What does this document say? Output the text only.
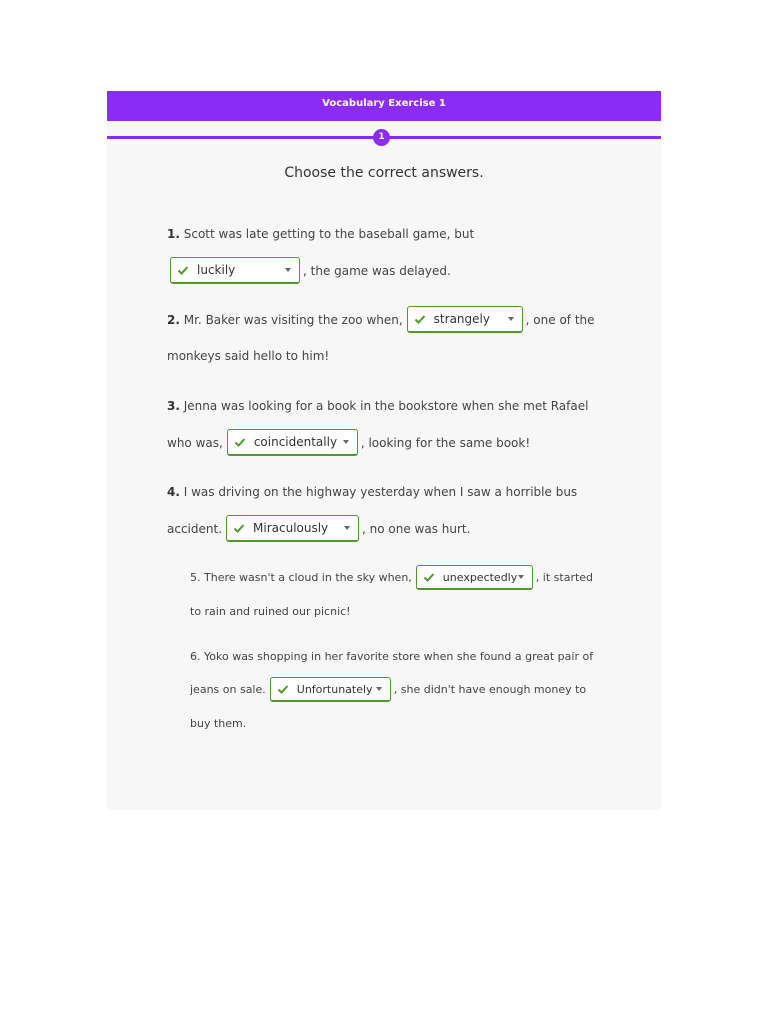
Vocabulary Exercise 1
1
Choose the correct answers.
1. Scott was late getting to the baseball game, but
luckily	, the game was delayed.
2.
Mr. Baker was visiting the zoo when,	strangely	, one of the
monkeys said hello to him!
3. Jenna was looking for a book in the bookstore when she met Rafael
who was,	coincidentally	, looking for the same book!
4. I was driving on the highway yesterday when I saw a horrible bus
accident.	Miraculously	, no one was hurt.
5.
There wasn't a cloud in the sky when,	unexpectedly , it started
to rain and ruined our picnic!
6. Yoko was shopping in her favorite store when she found a great pair of
jeans on sale.	Unfortunately , she didn't have enough money to
buy them.
